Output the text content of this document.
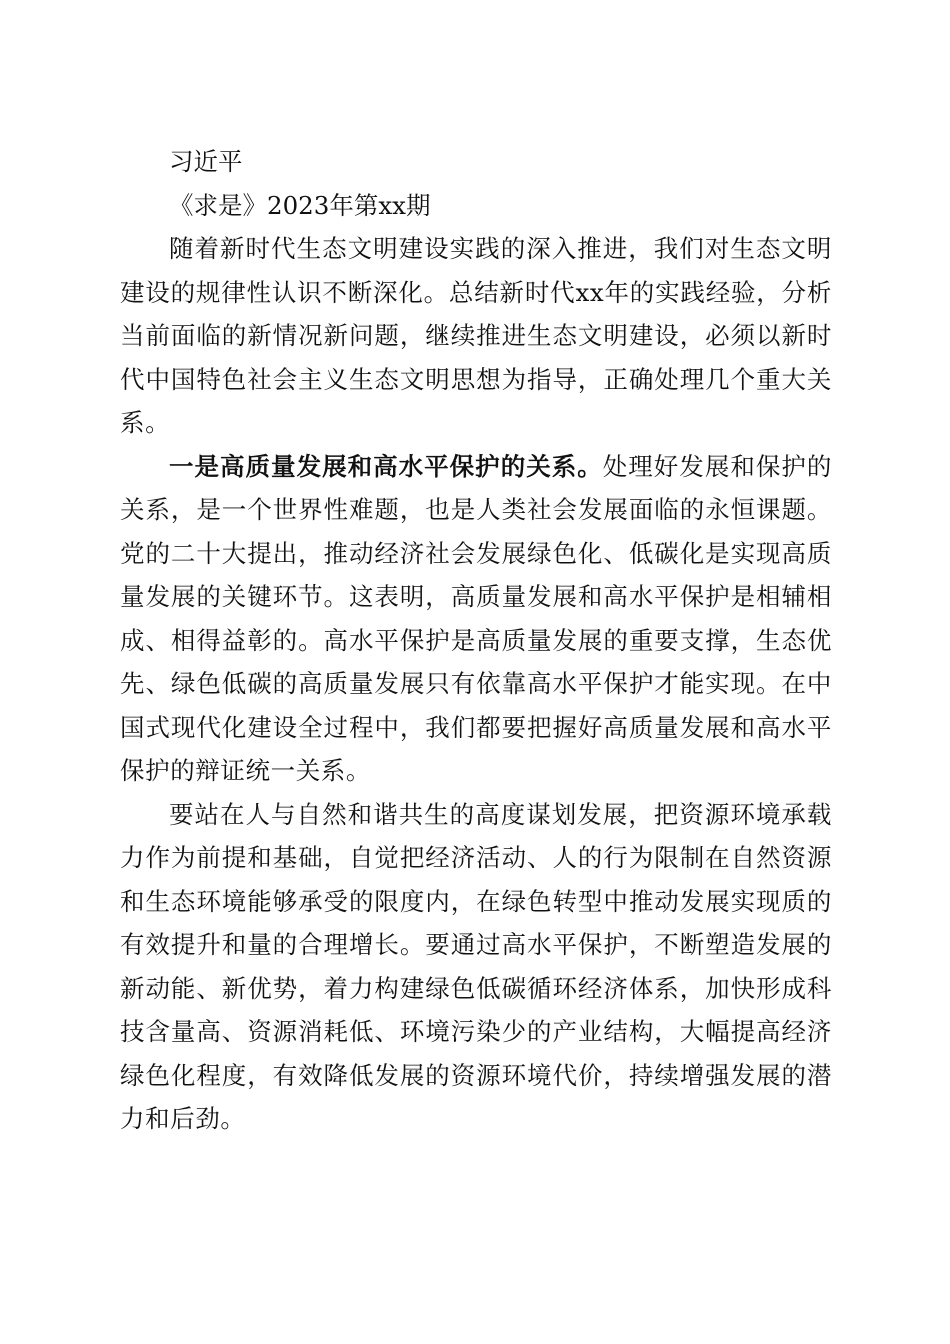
习近平

《求是》2023年第xx期

随着新时代生态文明建设实践的深入推进，我们对生态文明建设的规律性认识不断深化。总结新时代xx年的实践经验，分析当前面临的新情况新问题，继续推进生态文明建设，必须以新时代中国特色社会主义生态文明思想为指导，正确处理几个重大关系。

一是高质量发展和高水平保护的关系。处理好发展和保护的关系，是一个世界性难题，也是人类社会发展面临的永恒课题。党的二十大提出，推动经济社会发展绿色化、低碳化是实现高质量发展的关键环节。这表明，高质量发展和高水平保护是相辅相成、相得益彰的。高水平保护是高质量发展的重要支撑，生态优先、绿色低碳的高质量发展只有依靠高水平保护才能实现。在中国式现代化建设全过程中，我们都要把握好高质量发展和高水平保护的辩证统一关系。

要站在人与自然和谐共生的高度谋划发展，把资源环境承载力作为前提和基础，自觉把经济活动、人的行为限制在自然资源和生态环境能够承受的限度内，在绿色转型中推动发展实现质的有效提升和量的合理增长。要通过高水平保护，不断塑造发展的新动能、新优势，着力构建绿色低碳循环经济体系，加快形成科技含量高、资源消耗低、环境污染少的产业结构，大幅提高经济绿色化程度，有效降低发展的资源环境代价，持续增强发展的潜力和后劲。
